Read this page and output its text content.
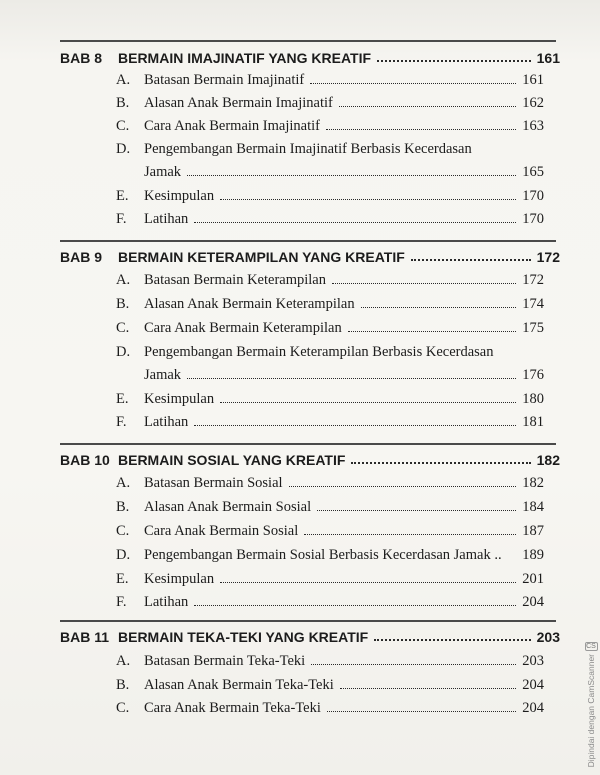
BAB 8	BERMAIN IMAJINATIF YANG KREATIF	161
A. Batasan Bermain Imajinatif	161
B.	Alasan Anak Bermain Imajinatif	162
C.	Cara Anak Bermain Imajinatif	163
D. Pengembangan Bermain Imajinatif Berbasis Kecerdasan
Jamak	165
E.	Kesimpulan	170
F.	Latihan	170
BAB 9	BERMAIN KETERAMPILAN YANG KREATIF	172
A. Batasan Bermain Keterampilan	172
B.	Alasan Anak Bermain Keterampilan	174
C.	Cara Anak Bermain Keterampilan	175
D. Pengembangan Bermain Keterampilan Berbasis Kecerdasan
Jamak	176
E.	Kesimpulan	180
F.	Latihan	181
BAB 10 BERMAIN SOSIAL YANG KREATIF	182
A. Batasan Bermain Sosial	182
B.	Alasan Anak Bermain Sosial	184
C.	Cara Anak Bermain Sosial	187
D. Pengembangan Bermain Sosial Berbasis Kecerdasan Jamak .. 189
E.	Kesimpulan	201
F.	Latihan	204
BAB 11 BERMAIN TEKA-TEKI YANG KREATIF	203
A. Batasan Bermain Teka-Teki	203
B.	Alasan Anak Bermain Teka-Teki	204
C.	Cara Anak Bermain Teka-Teki	204
CS
Dipindai dengan CamScanner
